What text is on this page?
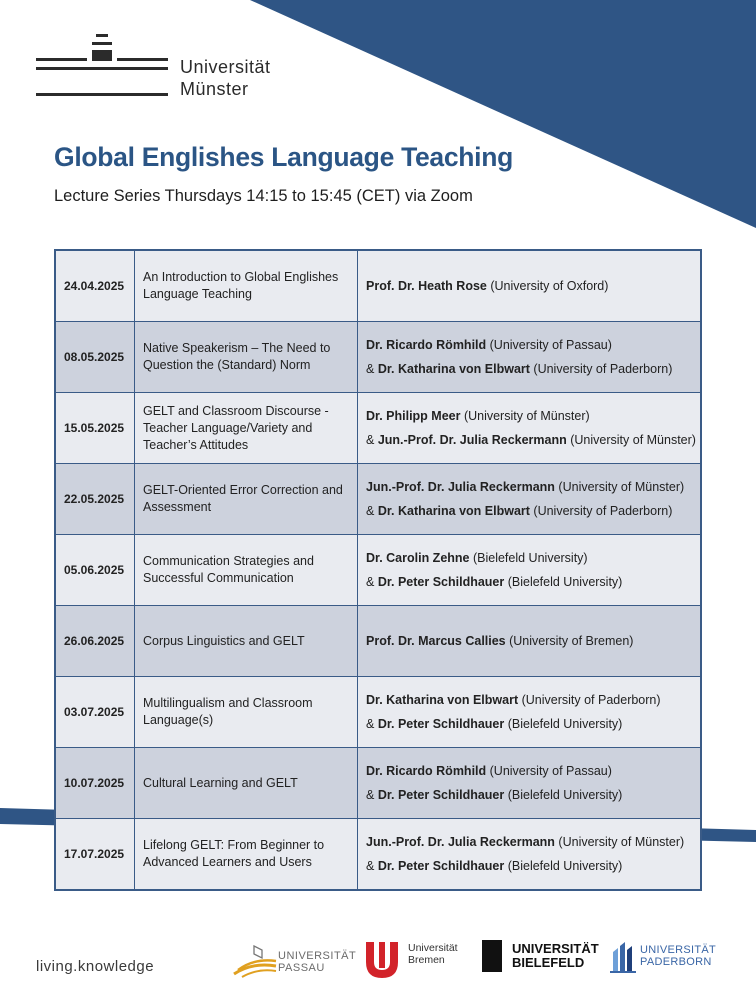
Universität
Münster
Global Englishes Language Teaching

Lecture Series Thursdays 14:15 to 15:45 (CET) via Zoom

24.04.2025	An Introduction to Global Englishes Language Teaching	Prof. Dr. Heath Rose (University of Oxford)

08.05.2025	Native Speakerism – The Need to Question the (Standard) Norm	Dr. Ricardo Römhild (University of Passau)
& Dr. Katharina von Elbwart (University of Paderborn)

15.05.2025	GELT and Classroom Discourse - Teacher Language/Variety and Teacher’s Attitudes	Dr. Philipp Meer (University of Münster)
& Jun.-Prof. Dr. Julia Reckermann (University of Münster)

22.05.2025	GELT-Oriented Error Correction and Assessment	Jun.-Prof. Dr. Julia Reckermann (University of Münster)
& Dr. Katharina von Elbwart (University of Paderborn)

05.06.2025	Communication Strategies and Successful Communication	Dr. Carolin Zehne (Bielefeld University)
& Dr. Peter Schildhauer (Bielefeld University)

26.06.2025	Corpus Linguistics and GELT	Prof. Dr. Marcus Callies (University of Bremen)

03.07.2025	Multilingualism and Classroom Language(s)	Dr. Katharina von Elbwart (University of Paderborn)
& Dr. Peter Schildhauer (Bielefeld University)

10.07.2025	Cultural Learning and GELT	Dr. Ricardo Römhild (University of Passau)
& Dr. Peter Schildhauer (Bielefeld University)

17.07.2025	Lifelong GELT: From Beginner to Advanced Learners and Users	Jun.-Prof. Dr. Julia Reckermann (University of Münster)
& Dr. Peter Schildhauer (Bielefeld University)
living.knowledge
UNIVERSITÄT
PASSAU
Universität
Bremen
UNIVERSITÄT
BIELEFELD
UNIVERSITÄT
PADERBORN
